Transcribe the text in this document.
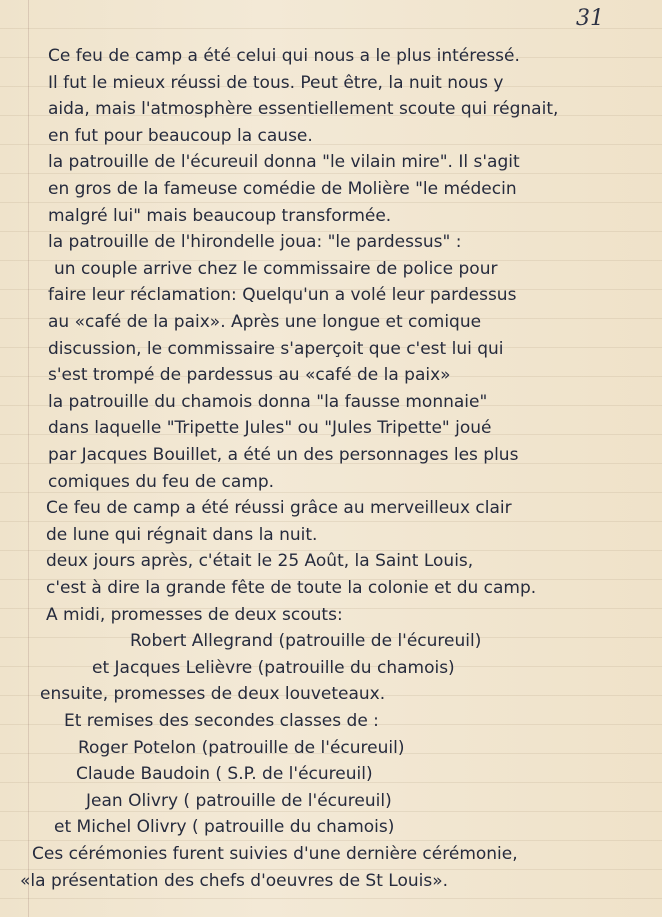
31
Ce feu de camp a été celui qui nous a le plus intéressé.
Il fut le mieux réussi de tous. Peut être, la nuit nous y
aida, mais l'atmosphère essentiellement scoute qui régnait,
en fut pour beaucoup la cause.
la patrouille de l'écureuil donna "le vilain mire". Il s'agit
en gros de la fameuse comédie de Molière "le médecin
malgré lui" mais beaucoup transformée.
la patrouille de l'hirondelle joua: "le pardessus" :
un couple arrive chez le commissaire de police pour
faire leur réclamation: Quelqu'un a volé leur pardessus
au «café de la paix». Après une longue et comique
discussion, le commissaire s'aperçoit que c'est lui qui
s'est trompé de pardessus au «café de la paix»
la patrouille du chamois donna "la fausse monnaie"
dans laquelle "Tripette Jules" ou "Jules Tripette" joué
par Jacques Bouillet, a été un des personnages les plus
comiques du feu de camp.
Ce feu de camp a été réussi grâce au merveilleux clair
de lune qui régnait dans la nuit.
deux jours après, c'était le 25 Août, la Saint Louis,
c'est à dire la grande fête de toute la colonie et du camp.
A midi, promesses de deux scouts:
Robert Allegrand (patrouille de l'écureuil)
et Jacques Lelièvre (patrouille du chamois)
ensuite, promesses de deux louveteaux.
Et remises des secondes classes de :
Roger Potelon (patrouille de l'écureuil)
Claude Baudoin ( S.P. de l'écureuil)
Jean Olivry ( patrouille de l'écureuil)
et Michel Olivry ( patrouille du chamois)
Ces cérémonies furent suivies d'une dernière cérémonie,
«la présentation des chefs d'oeuvres de St Louis».
